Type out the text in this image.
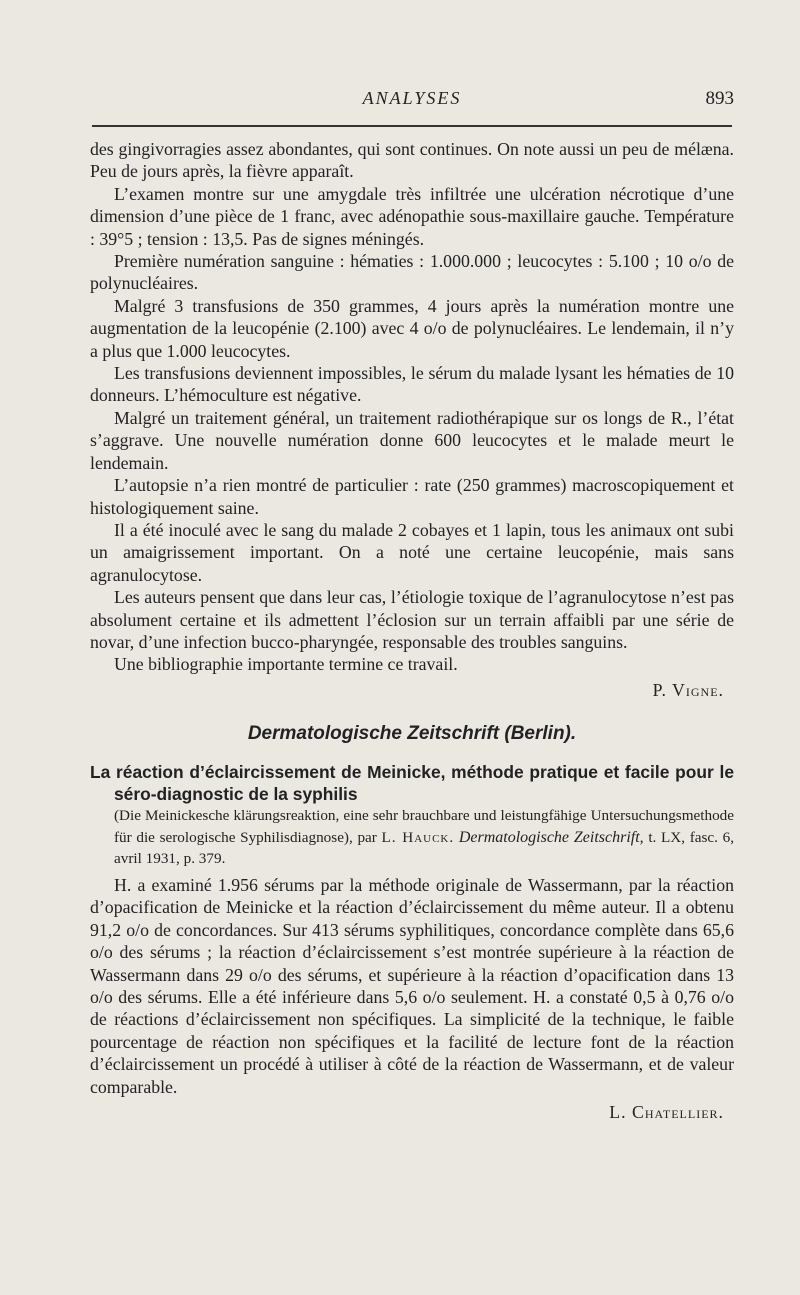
ANALYSES	893

des gingivorragies assez abondantes, qui sont continues. On note aussi un peu de mélæna. Peu de jours après, la fièvre apparaît.

L’examen montre sur une amygdale très infiltrée une ulcération nécrotique d’une dimension d’une pièce de 1 franc, avec adénopathie sous-maxillaire gauche. Température : 39°5 ; tension : 13,5. Pas de signes méningés.

Première numération sanguine : hématies : 1.000.000 ; leucocytes : 5.100 ; 10 o/o de polynucléaires.

Malgré 3 transfusions de 350 grammes, 4 jours après la numération montre une augmentation de la leucopénie (2.100) avec 4 o/o de polynucléaires. Le lendemain, il n’y a plus que 1.000 leucocytes.

Les transfusions deviennent impossibles, le sérum du malade lysant les hématies de 10 donneurs. L’hémoculture est négative.

Malgré un traitement général, un traitement radiothérapique sur os longs de R., l’état s’aggrave. Une nouvelle numération donne 600 leucocytes et le malade meurt le lendemain.

L’autopsie n’a rien montré de particulier : rate (250 grammes) macroscopiquement et histologiquement saine.

Il a été inoculé avec le sang du malade 2 cobayes et 1 lapin, tous les animaux ont subi un amaigrissement important. On a noté une certaine leucopénie, mais sans agranulocytose.

Les auteurs pensent que dans leur cas, l’étiologie toxique de l’agranulocytose n’est pas absolument certaine et ils admettent l’éclosion sur un terrain affaibli par une série de novar, d’une infection bucco-pharyngée, responsable des troubles sanguins.

Une bibliographie importante termine ce travail.

P. Vigne.
Dermatologische Zeitschrift (Berlin).
La réaction d’éclaircissement de Meinicke, méthode pratique et facile pour le séro-diagnostic de la syphilis
(Die Meinickesche klärungsreaktion, eine sehr brauchbare und leistungfähige Untersuchungsmethode für die serologische Syphilisdiagnose), par L. Hauck. Dermatologische Zeitschrift, t. LX, fasc. 6, avril 1931, p. 379.

H. a examiné 1.956 sérums par la méthode originale de Wassermann, par la réaction d’opacification de Meinicke et la réaction d’éclaircissement du même auteur. Il a obtenu 91,2 o/o de concordances. Sur 413 sérums syphilitiques, concordance complète dans 65,6 o/o des sérums ; la réaction d’éclaircissement s’est montrée supérieure à la réaction de Wassermann dans 29 o/o des sérums, et supérieure à la réaction d’opacification dans 13 o/o des sérums. Elle a été inférieure dans 5,6 o/o seulement. H. a constaté 0,5 à 0,76 o/o de réactions d’éclaircissement non spécifiques. La simplicité de la technique, le faible pourcentage de réaction non spécifiques et la facilité de lecture font de la réaction d’éclaircissement un procédé à utiliser à côté de la réaction de Wassermann, et de valeur comparable.

L. Chatellier.
